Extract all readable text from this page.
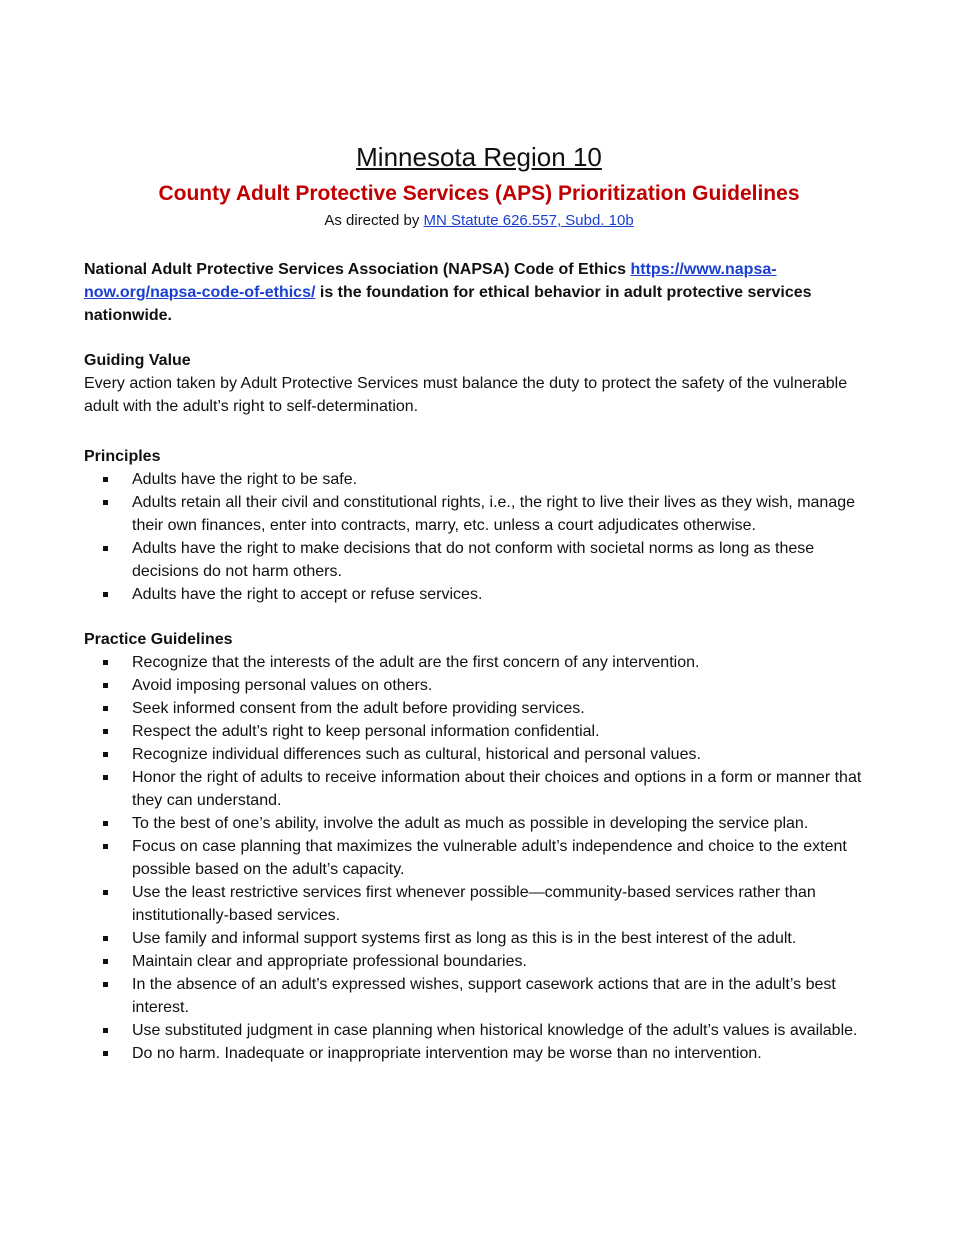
Minnesota Region 10
County Adult Protective Services (APS) Prioritization Guidelines

As directed by MN Statute 626.557, Subd. 10b

National Adult Protective Services Association (NAPSA) Code of Ethics https://www.napsa-now.org/napsa-code-of-ethics/ is the foundation for ethical behavior in adult protective services nationwide.

Guiding Value

Every action taken by Adult Protective Services must balance the duty to protect the safety of the vulnerable adult with the adult’s right to self-determination.

Principles

Adults have the right to be safe.
Adults retain all their civil and constitutional rights, i.e., the right to live their lives as they wish, manage their own finances, enter into contracts, marry, etc. unless a court adjudicates otherwise.
Adults have the right to make decisions that do not conform with societal norms as long as these decisions do not harm others.
Adults have the right to accept or refuse services.

Practice Guidelines

Recognize that the interests of the adult are the first concern of any intervention.
Avoid imposing personal values on others.
Seek informed consent from the adult before providing services.
Respect the adult’s right to keep personal information confidential.
Recognize individual differences such as cultural, historical and personal values.
Honor the right of adults to receive information about their choices and options in a form or manner that they can understand.
To the best of one’s ability, involve the adult as much as possible in developing the service plan.
Focus on case planning that maximizes the vulnerable adult’s independence and choice to the extent possible based on the adult’s capacity.
Use the least restrictive services first whenever possible—community-based services rather than institutionally-based services.
Use family and informal support systems first as long as this is in the best interest of the adult.
Maintain clear and appropriate professional boundaries.
In the absence of an adult’s expressed wishes, support casework actions that are in the adult’s best interest.
Use substituted judgment in case planning when historical knowledge of the adult’s values is available.
Do no harm. Inadequate or inappropriate intervention may be worse than no intervention.
